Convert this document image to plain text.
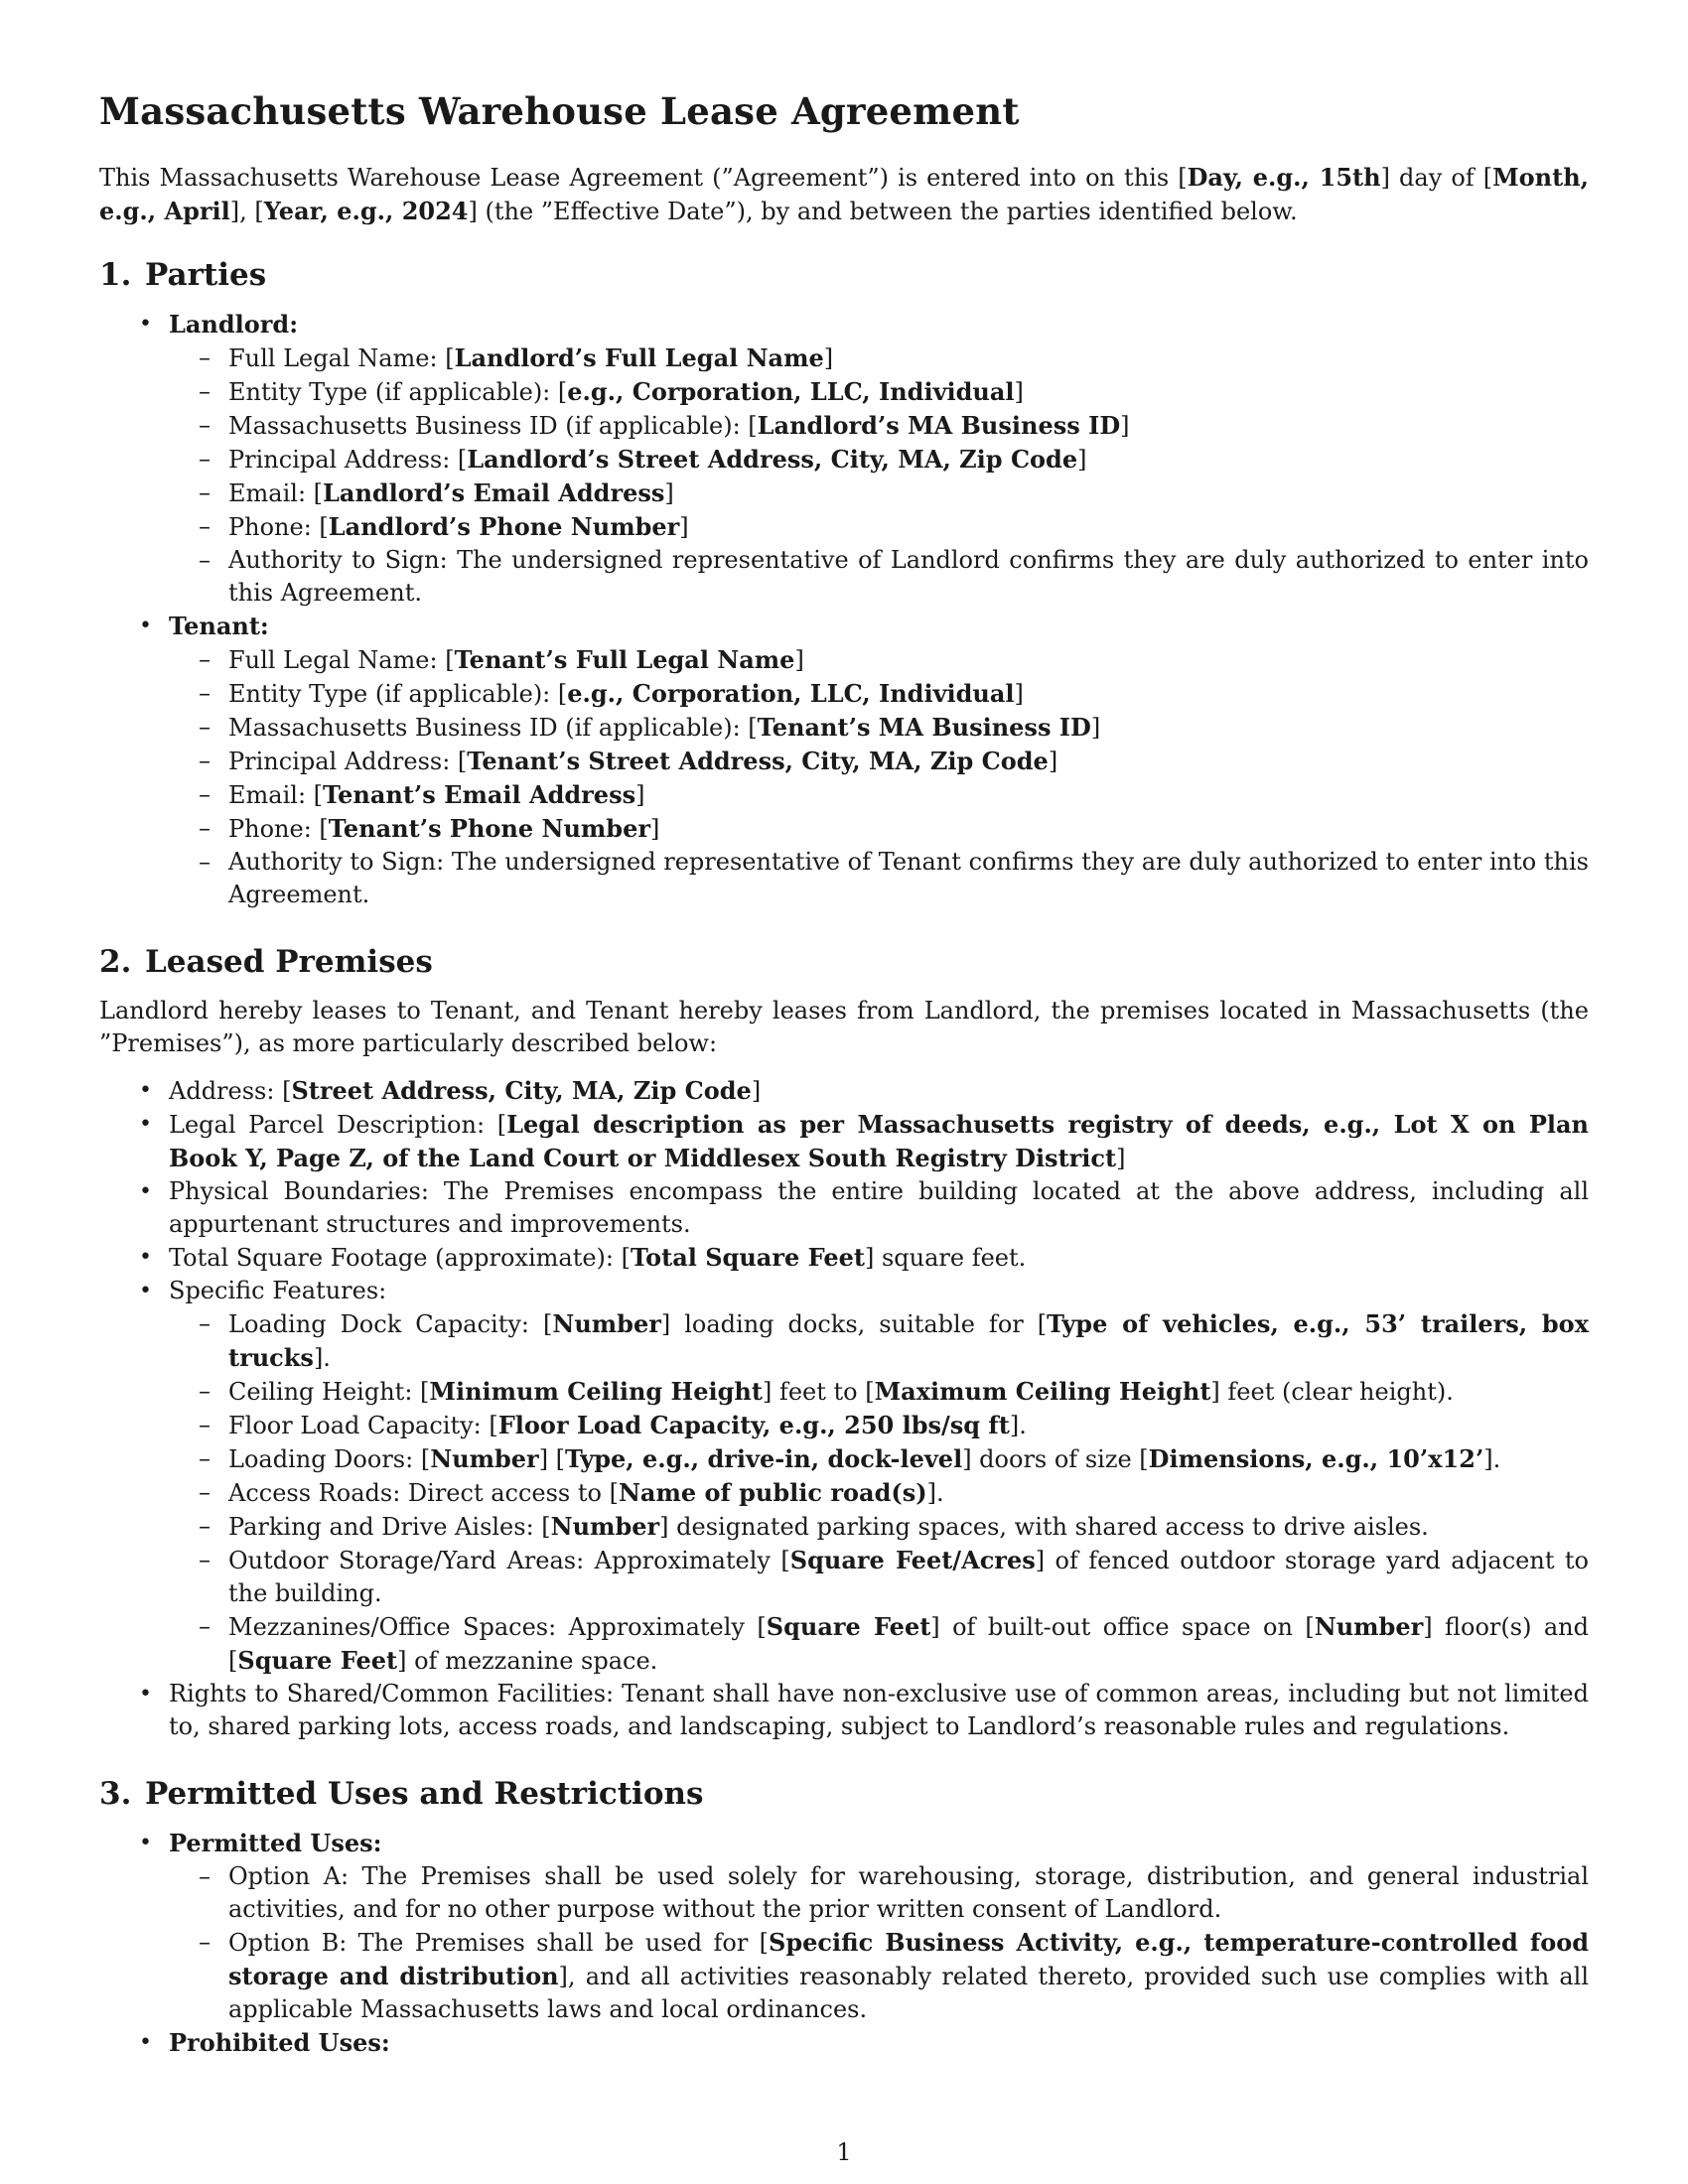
Massachusetts Warehouse Lease Agreement

This Massachusetts Warehouse Lease Agreement (”Agreement”) is entered into on this [Day, e.g., 15th] day of [Month, e.g., April], [Year, e.g., 2024] (the ”Effective Date”), by and between the parties identified below.

1. Parties
• Landlord:
– Full Legal Name: [Landlord’s Full Legal Name]
– Entity Type (if applicable): [e.g., Corporation, LLC, Individual]
– Massachusetts Business ID (if applicable): [Landlord’s MA Business ID]
– Principal Address: [Landlord’s Street Address, City, MA, Zip Code]
– Email: [Landlord’s Email Address]
– Phone: [Landlord’s Phone Number]
– Authority to Sign: The undersigned representative of Landlord confirms they are duly authorized to enter into this Agreement.
• Tenant:
– Full Legal Name: [Tenant’s Full Legal Name]
– Entity Type (if applicable): [e.g., Corporation, LLC, Individual]
– Massachusetts Business ID (if applicable): [Tenant’s MA Business ID]
– Principal Address: [Tenant’s Street Address, City, MA, Zip Code]
– Email: [Tenant’s Email Address]
– Phone: [Tenant’s Phone Number]
– Authority to Sign: The undersigned representative of Tenant confirms they are duly authorized to enter into this Agreement.
2. Leased Premises

Landlord hereby leases to Tenant, and Tenant hereby leases from Landlord, the premises located in Massachusetts (the ”Premises”), as more particularly described below:

• Address: [Street Address, City, MA, Zip Code]
• Legal Parcel Description: [Legal description as per Massachusetts registry of deeds, e.g., Lot X on Plan Book Y, Page Z, of the Land Court or Middlesex South Registry District]
• Physical Boundaries: The Premises encompass the entire building located at the above address, including all appurtenant structures and improvements.
• Total Square Footage (approximate): [Total Square Feet] square feet.
• Specific Features:
– Loading Dock Capacity: [Number] loading docks, suitable for [Type of vehicles, e.g., 53’ trailers, box trucks].
– Ceiling Height: [Minimum Ceiling Height] feet to [Maximum Ceiling Height] feet (clear height).
– Floor Load Capacity: [Floor Load Capacity, e.g., 250 lbs/sq ft].
– Loading Doors: [Number] [Type, e.g., drive-in, dock-level] doors of size [Dimensions, e.g., 10’x12’].
– Access Roads: Direct access to [Name of public road(s)].
– Parking and Drive Aisles: [Number] designated parking spaces, with shared access to drive aisles.
– Outdoor Storage/Yard Areas: Approximately [Square Feet/Acres] of fenced outdoor storage yard adjacent to the building.
– Mezzanines/Office Spaces: Approximately [Square Feet] of built-out office space on [Number] floor(s) and [Square Feet] of mezzanine space.
• Rights to Shared/Common Facilities: Tenant shall have non-exclusive use of common areas, including but not limited to, shared parking lots, access roads, and landscaping, subject to Landlord’s reasonable rules and regulations.
3. Permitted Uses and Restrictions
• Permitted Uses:
– Option A: The Premises shall be used solely for warehousing, storage, distribution, and general industrial activities, and for no other purpose without the prior written consent of Landlord.
– Option B: The Premises shall be used for [Specific Business Activity, e.g., temperature-controlled food storage and distribution], and all activities reasonably related thereto, provided such use complies with all applicable Massachusetts laws and local ordinances.
• Prohibited Uses:
1
